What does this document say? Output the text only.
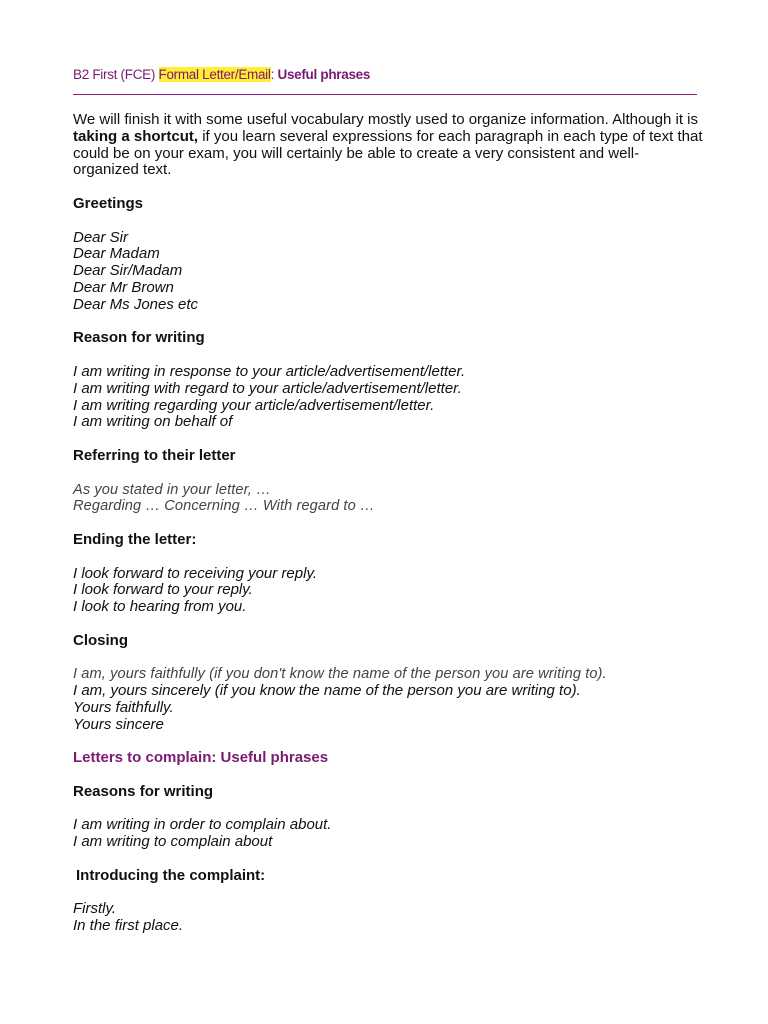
B2 First (FCE) Formal Letter/Email: Useful phrases

We will finish it with some useful vocabulary mostly used to organize information. Although it is taking a shortcut, if you learn several expressions for each paragraph in each type of text that could be on your exam, you will certainly be able to create a very consistent and well-organized text.

Greetings
Dear Sir
Dear Madam
Dear Sir/Madam
Dear Mr Brown
Dear Ms Jones etc
Reason for writing
I am writing in response to your article/advertisement/letter.
I am writing with regard to your article/advertisement/letter.
I am writing regarding your article/advertisement/letter.
I am writing on behalf of
Referring to their letter
As you stated in your letter, …
Regarding … Concerning … With regard to …
Ending the letter:
I look forward to receiving your reply.
I look forward to your reply.
I look to hearing from you.
Closing
I am, yours faithfully (if you don't know the name of the person you are writing to).
I am, yours sincerely (if you know the name of the person you are writing to).
Yours faithfully.
Yours sincere
Letters to complain: Useful phrases
Reasons for writing
I am writing in order to complain about.
I am writing to complain about
Introducing the complaint:
Firstly.
In the first place.
